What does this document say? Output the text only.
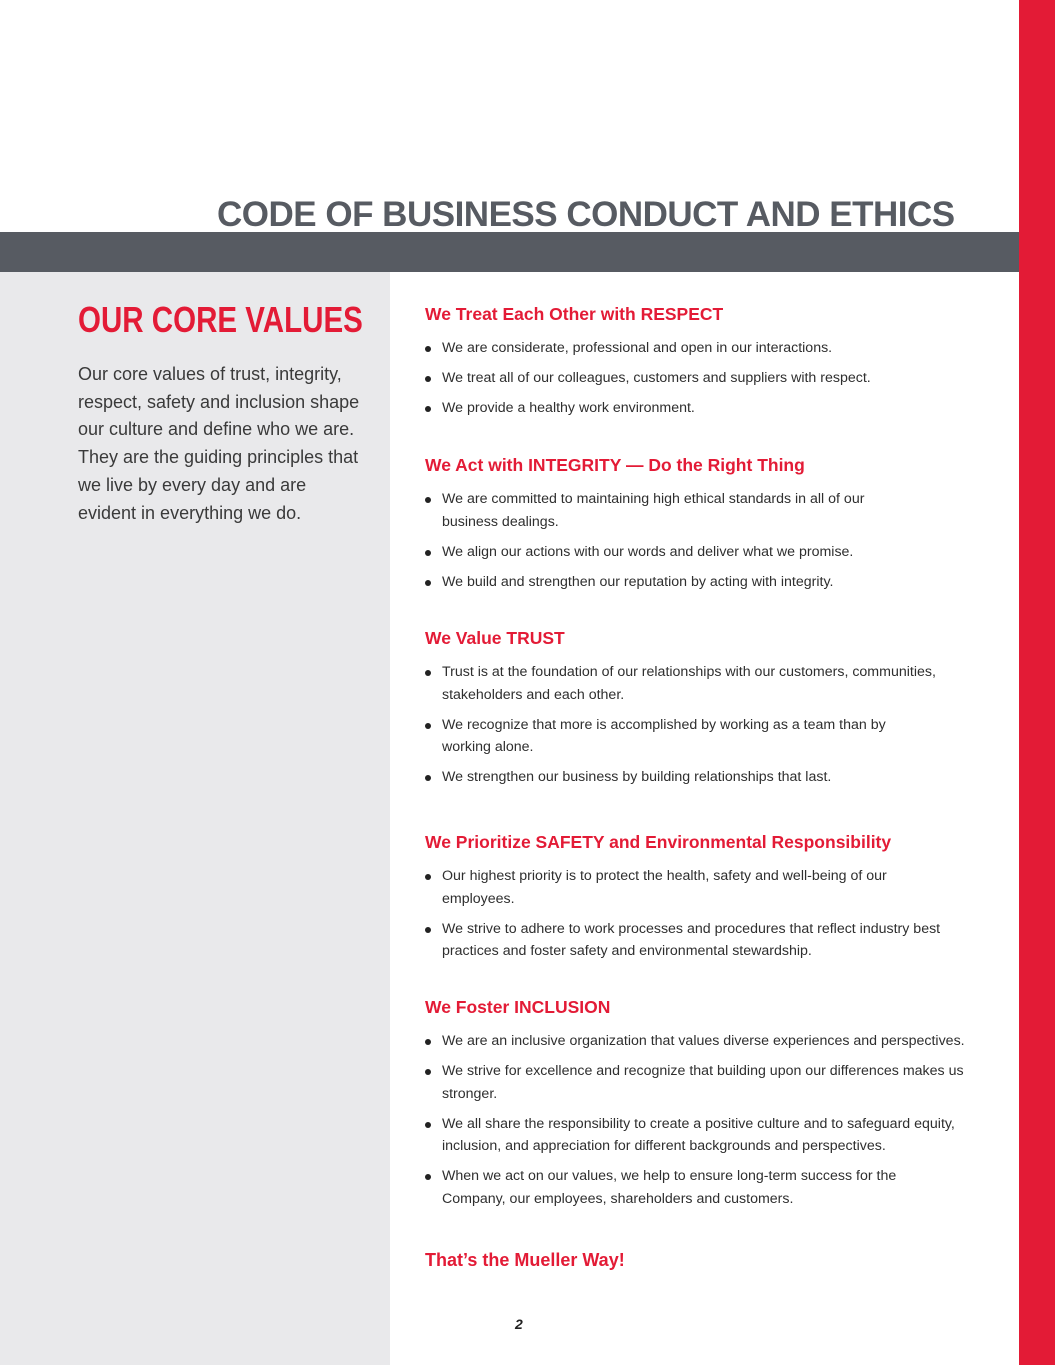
CODE OF BUSINESS CONDUCT AND ETHICS
OUR CORE VALUES

Our core values of trust, integrity, respect, safety and inclusion shape our culture and define who we are. They are the guiding principles that we live by every day and are evident in everything we do.

We Treat Each Other with RESPECT
We are considerate, professional and open in our interactions.
We treat all of our colleagues, customers and suppliers with respect.
We provide a healthy work environment.
We Act with INTEGRITY — Do the Right Thing
We are committed to maintaining high ethical standards in all of our business dealings.
We align our actions with our words and deliver what we promise.
We build and strengthen our reputation by acting with integrity.
We Value TRUST
Trust is at the foundation of our relationships with our customers, communities, stakeholders and each other.
We recognize that more is accomplished by working as a team than by working alone.
We strengthen our business by building relationships that last.
We Prioritize SAFETY and Environmental Responsibility
Our highest priority is to protect the health, safety and well-being of our employees.
We strive to adhere to work processes and procedures that reflect industry best practices and foster safety and environmental stewardship.
We Foster INCLUSION
We are an inclusive organization that values diverse experiences and perspectives.
We strive for excellence and recognize that building upon our differences makes us stronger.
We all share the responsibility to create a positive culture and to safeguard equity, inclusion, and appreciation for different backgrounds and perspectives.
When we act on our values, we help to ensure long-term success for the Company, our employees, shareholders and customers.

That’s the Mueller Way!

2
